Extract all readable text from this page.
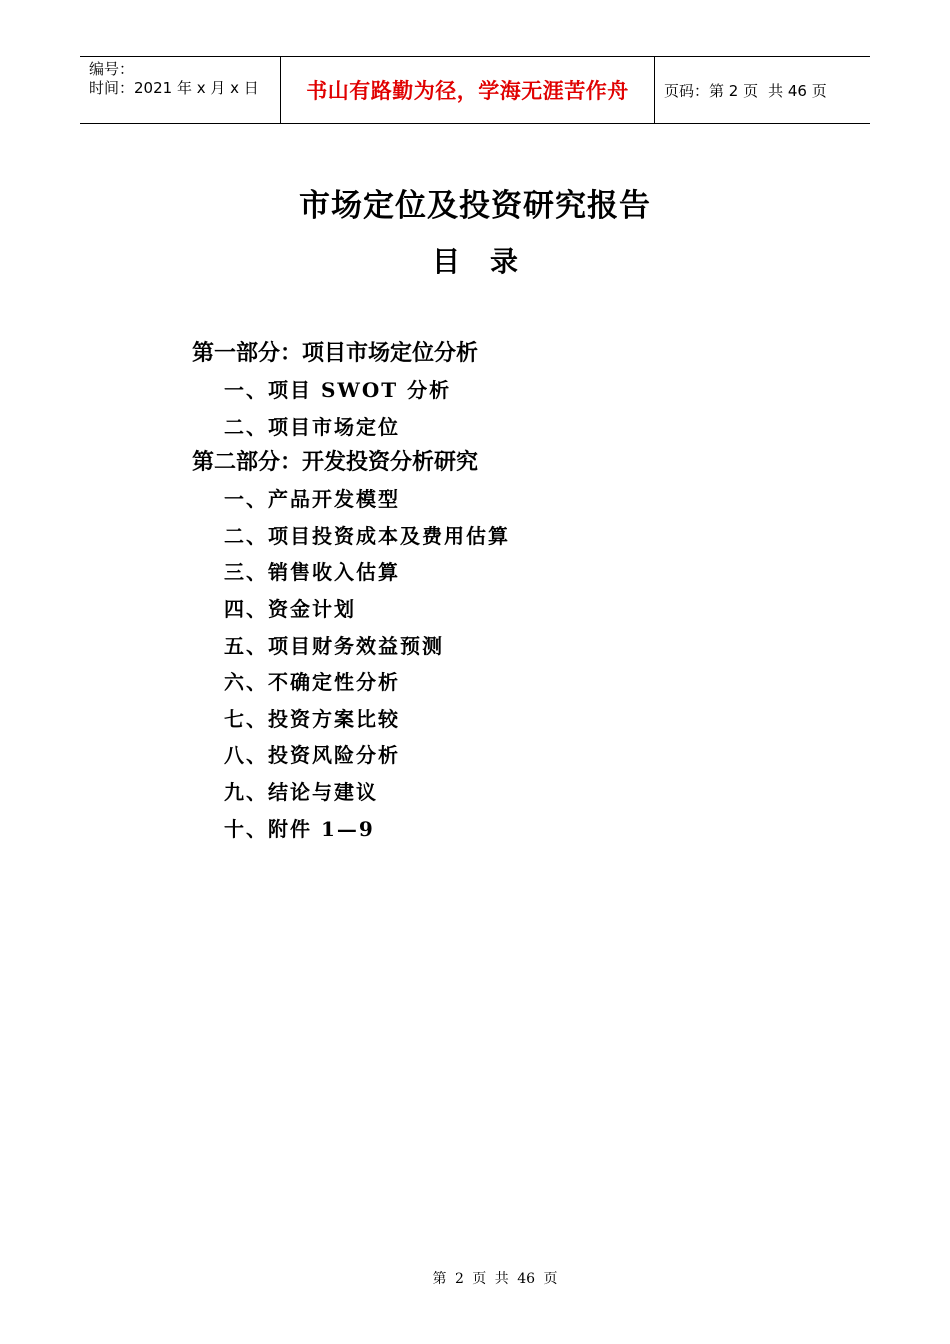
编号：
时间：2021 年 x 月 x 日	书山有路勤为径，学海无涯苦作舟	页码：第 2 页 共 46 页
市场定位及投资研究报告
目 录
第一部分：项目市场定位分析
一、项目 SWOT 分析
二、项目市场定位
第二部分：开发投资分析研究
一、产品开发模型
二、项目投资成本及费用估算
三、销售收入估算
四、资金计划
五、项目财务效益预测
六、不确定性分析
七、投资方案比较
八、投资风险分析
九、结论与建议
十、附件 1—9
第 2 页 共 46 页
